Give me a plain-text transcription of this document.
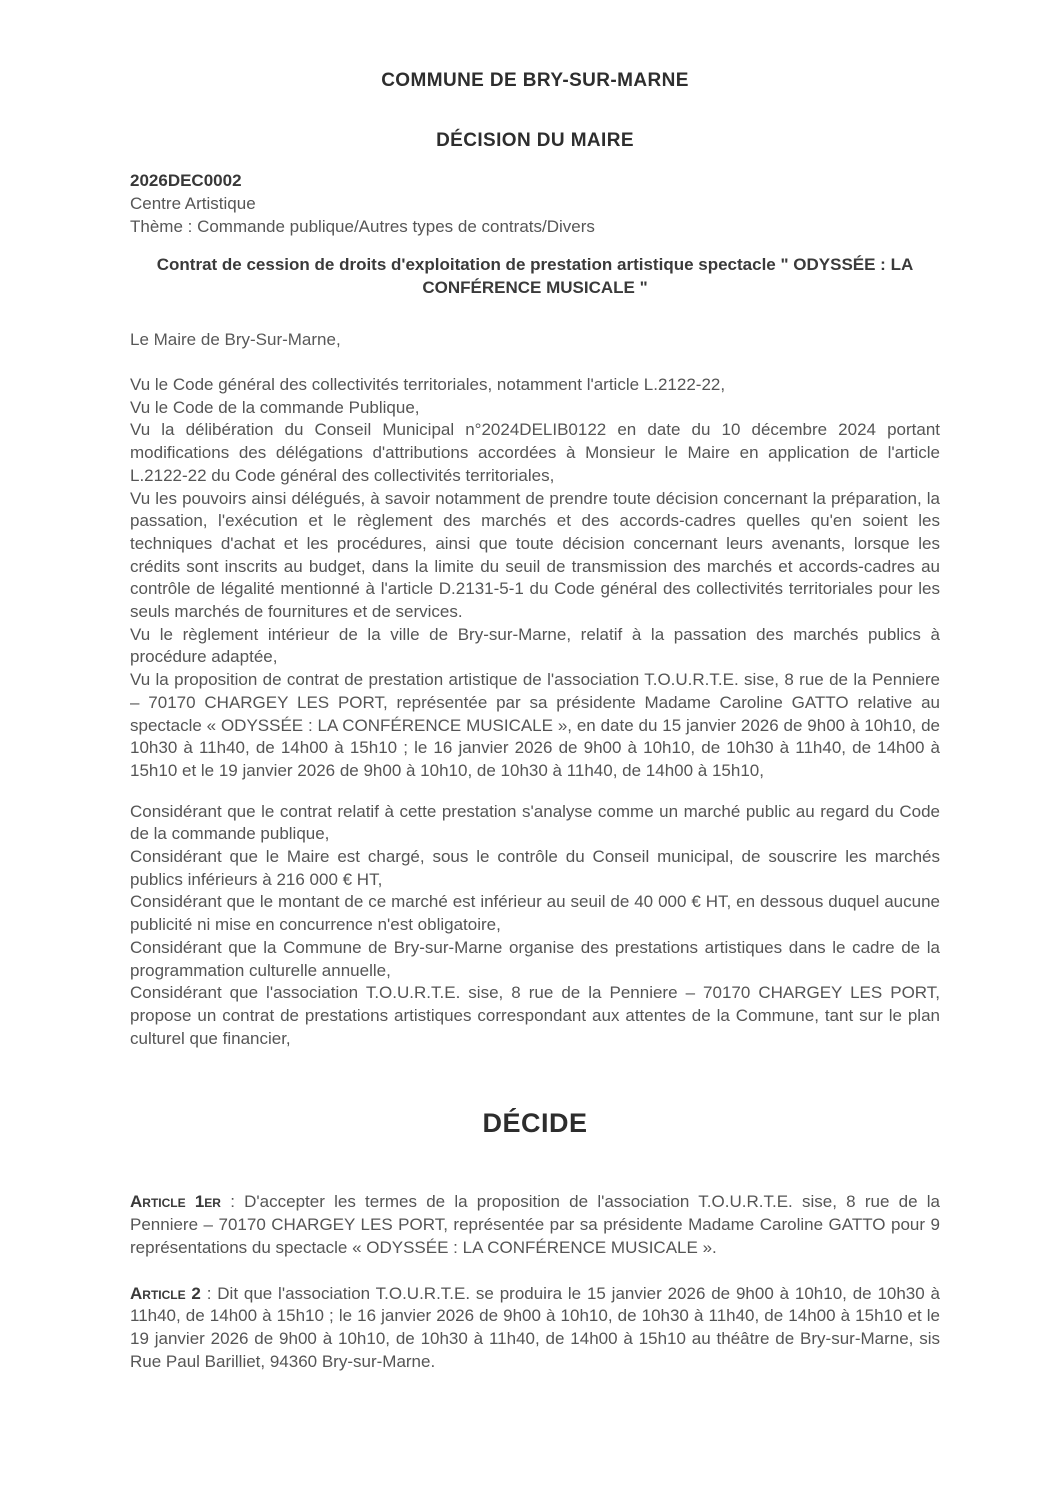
COMMUNE DE BRY-SUR-MARNE
DÉCISION DU MAIRE
2026DEC0002
Centre Artistique
Thème : Commande publique/Autres types de contrats/Divers
Contrat de cession de droits d'exploitation de prestation artistique spectacle " ODYSSÉE : LA CONFÉRENCE MUSICALE "
Le Maire de Bry-Sur-Marne,

Vu le Code général des collectivités territoriales, notamment l'article L.2122-22,

Vu le Code de la commande Publique,

Vu la délibération du Conseil Municipal n°2024DELIB0122 en date du 10 décembre 2024 portant modifications des délégations d'attributions accordées à Monsieur le Maire en application de l'article L.2122-22 du Code général des collectivités territoriales,

Vu les pouvoirs ainsi délégués, à savoir notamment de prendre toute décision concernant la préparation, la passation, l'exécution et le règlement des marchés et des accords-cadres quelles qu'en soient les techniques d'achat et les procédures, ainsi que toute décision concernant leurs avenants, lorsque les crédits sont inscrits au budget, dans la limite du seuil de transmission des marchés et accords-cadres au contrôle de légalité mentionné à l'article D.2131-5-1 du Code général des collectivités territoriales pour les seuls marchés de fournitures et de services.

Vu le règlement intérieur de la ville de Bry-sur-Marne, relatif à la passation des marchés publics à procédure adaptée,

Vu la proposition de contrat de prestation artistique de l'association T.O.U.R.T.E. sise, 8 rue de la Penniere – 70170 CHARGEY LES PORT, représentée par sa présidente Madame Caroline GATTO relative au spectacle « ODYSSÉE : LA CONFÉRENCE MUSICALE », en date du 15 janvier 2026 de 9h00 à 10h10, de 10h30 à 11h40, de 14h00 à 15h10 ; le 16 janvier 2026 de 9h00 à 10h10, de 10h30 à 11h40, de 14h00 à 15h10 et le 19 janvier 2026 de 9h00 à 10h10, de 10h30 à 11h40, de 14h00 à 15h10,

Considérant que le contrat relatif à cette prestation s'analyse comme un marché public au regard du Code de la commande publique,

Considérant que le Maire est chargé, sous le contrôle du Conseil municipal, de souscrire les marchés publics inférieurs à 216 000 € HT,

Considérant que le montant de ce marché est inférieur au seuil de 40 000 € HT, en dessous duquel aucune publicité ni mise en concurrence n'est obligatoire,

Considérant que la Commune de Bry-sur-Marne organise des prestations artistiques dans le cadre de la programmation culturelle annuelle,

Considérant que l'association T.O.U.R.T.E. sise, 8 rue de la Penniere – 70170 CHARGEY LES PORT, propose un contrat de prestations artistiques correspondant aux attentes de la Commune, tant sur le plan culturel que financier,

DÉCIDE

Article 1er : D'accepter les termes de la proposition de l'association T.O.U.R.T.E. sise, 8 rue de la Penniere – 70170 CHARGEY LES PORT, représentée par sa présidente Madame Caroline GATTO pour 9 représentations du spectacle « ODYSSÉE : LA CONFÉRENCE MUSICALE ».

Article 2 : Dit que l'association T.O.U.R.T.E. se produira le 15 janvier 2026 de 9h00 à 10h10, de 10h30 à 11h40, de 14h00 à 15h10 ; le 16 janvier 2026 de 9h00 à 10h10, de 10h30 à 11h40, de 14h00 à 15h10 et le 19 janvier 2026 de 9h00 à 10h10, de 10h30 à 11h40, de 14h00 à 15h10 au théâtre de Bry-sur-Marne, sis Rue Paul Barilliet, 94360 Bry-sur-Marne.
